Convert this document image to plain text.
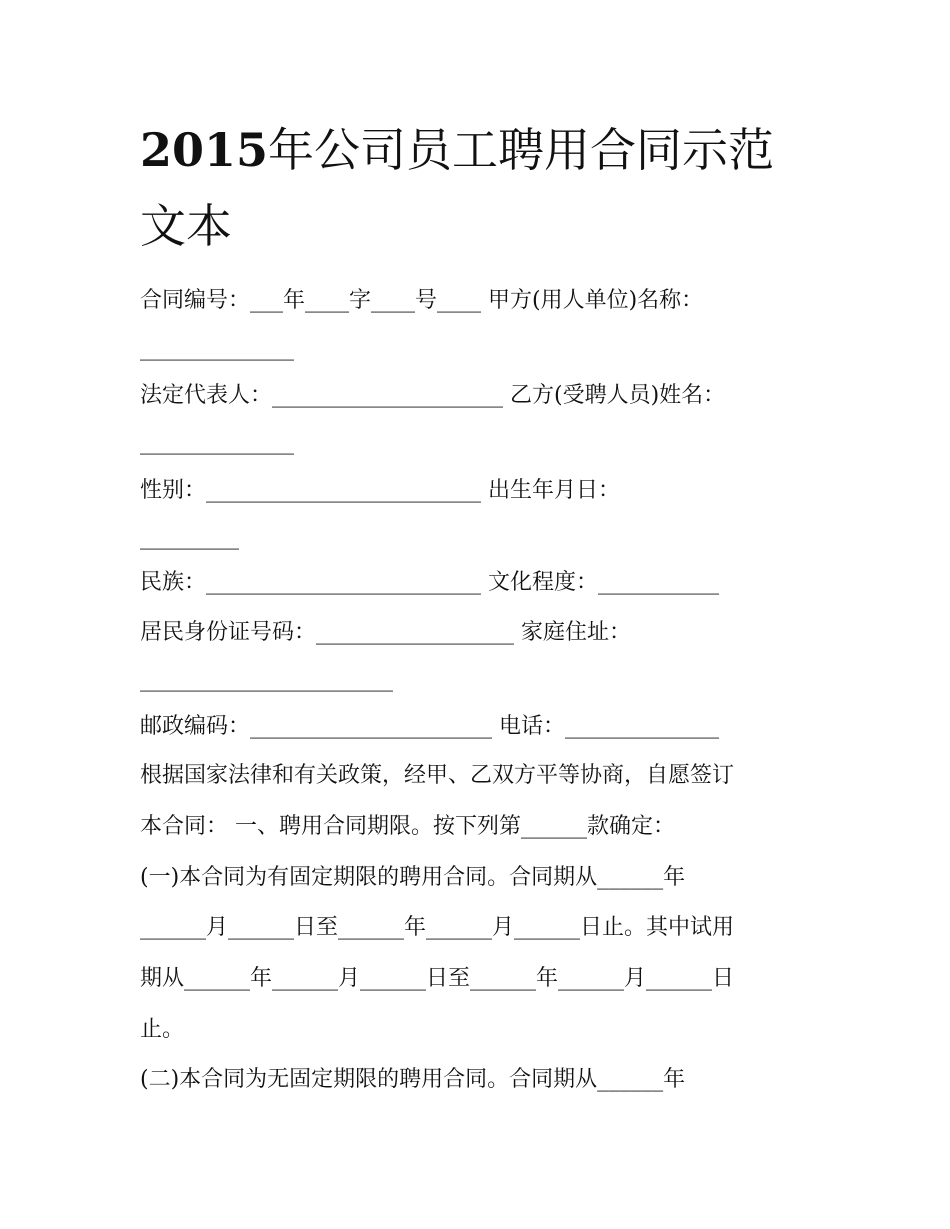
2015年公司员工聘用合同示范
文本
合同编号：___年____字____号____ 甲方(用人单位)名称：
______________
法定代表人：_____________________ 乙方(受聘人员)姓名：
______________
性别：_________________________ 出生年月日：
_________
民族：_________________________ 文化程度：___________
居民身份证号码：__________________ 家庭住址：
_______________________
邮政编码：______________________ 电话：______________
根据国家法律和有关政策，经甲、乙双方平等协商，自愿签订
本合同： 一、聘用合同期限。按下列第______款确定：
(一)本合同为有固定期限的聘用合同。合同期从______年
______月______日至______年______月______日止。其中试用
期从______年______月______日至______年______月______日
止。
(二)本合同为无固定期限的聘用合同。合同期从______年
